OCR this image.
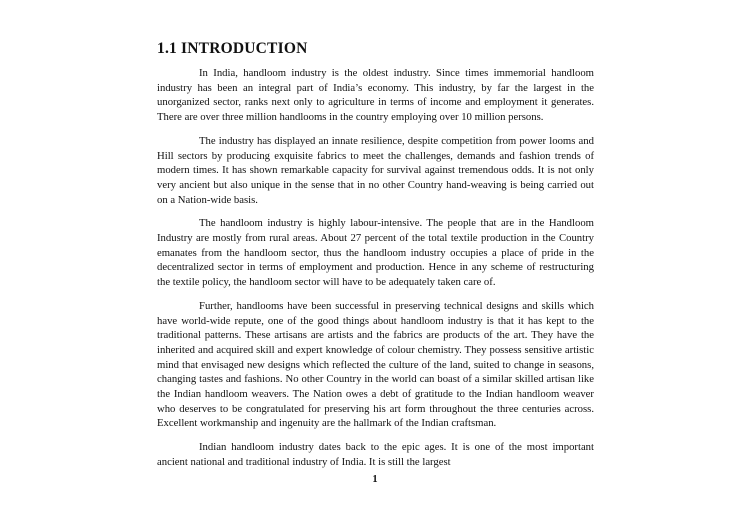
1.1 INTRODUCTION

In India, handloom industry is the oldest industry. Since times immemorial handloom industry has been an integral part of India’s economy. This industry, by far the largest in the unorganized sector, ranks next only to agriculture in terms of income and employment it generates. There are over three million handlooms in the country employing over 10 million persons.

The industry has displayed an innate resilience, despite competition from power looms and Hill sectors by producing exquisite fabrics to meet the challenges, demands and fashion trends of modern times. It has shown remarkable capacity for survival against tremendous odds. It is not only very ancient but also unique in the sense that in no other Country hand-weaving is being carried out on a Nation-wide basis.

The handloom industry is highly labour-intensive. The people that are in the Handloom Industry are mostly from rural areas. About 27 percent of the total textile production in the Country emanates from the handloom sector, thus the handloom industry occupies a place of pride in the decentralized sector in terms of employment and production. Hence in any scheme of restructuring the textile policy, the handloom sector will have to be adequately taken care of.

Further, handlooms have been successful in preserving technical designs and skills which have world-wide repute, one of the good things about handloom industry is that it has kept to the traditional patterns. These artisans are artists and the fabrics are products of the art. They have the inherited and acquired skill and expert knowledge of colour chemistry. They possess sensitive artistic mind that envisaged new designs which reflected the culture of the land, suited to change in seasons, changing tastes and fashions. No other Country in the world can boast of a similar skilled artisan like the Indian handloom weavers. The Nation owes a debt of gratitude to the Indian handloom weaver who deserves to be congratulated for preserving his art form throughout the three centuries across. Excellent workmanship and ingenuity are the hallmark of the Indian craftsman.

Indian handloom industry dates back to the epic ages. It is one of the most important ancient national and traditional industry of India. It is still the largest

1
